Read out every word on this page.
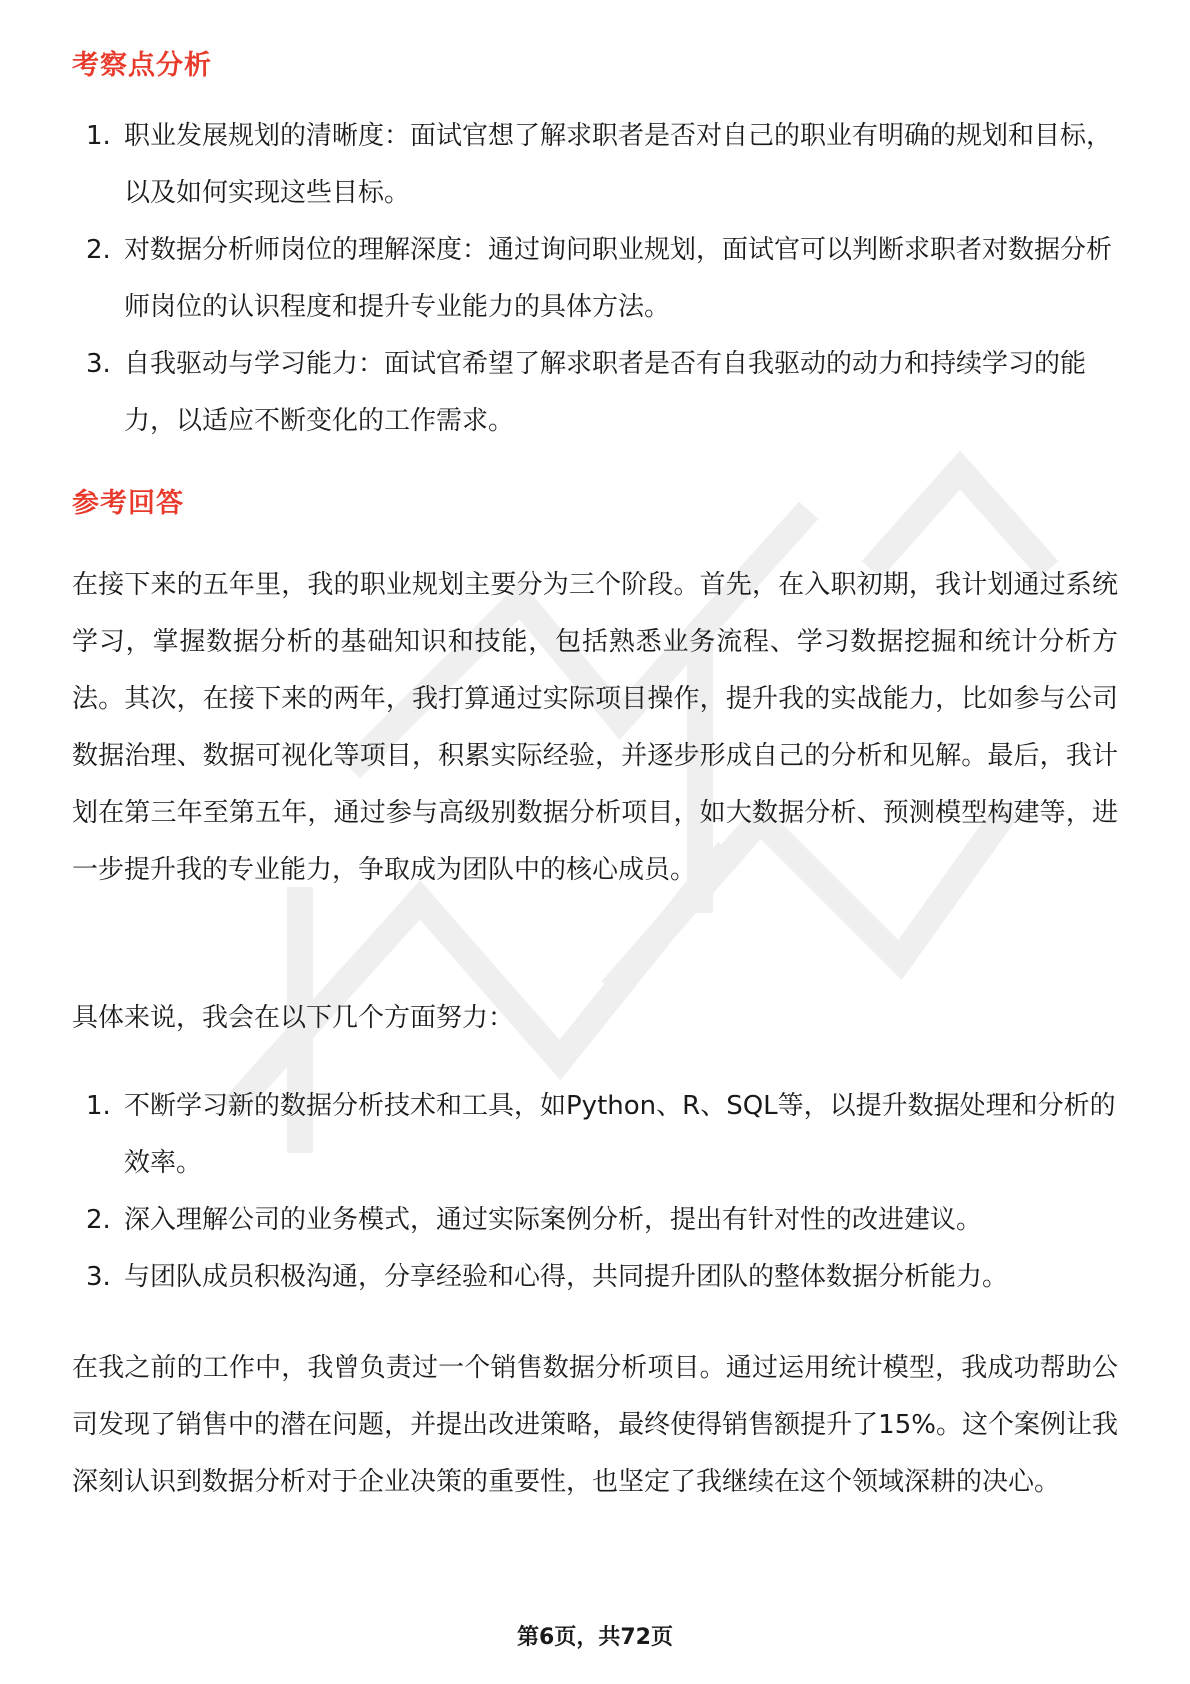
考察点分析
1. 职业发展规划的清晰度：面试官想了解求职者是否对自己的职业有明确的规划和目标，以及如何实现这些目标。
2. 对数据分析师岗位的理解深度：通过询问职业规划，面试官可以判断求职者对数据分析师岗位的认识程度和提升专业能力的具体方法。
3. 自我驱动与学习能力：面试官希望了解求职者是否有自我驱动的动力和持续学习的能力，以适应不断变化的工作需求。
参考回答

在接下来的五年里，我的职业规划主要分为三个阶段。首先，在入职初期，我计划通过系统学习，掌握数据分析的基础知识和技能，包括熟悉业务流程、学习数据挖掘和统计分析方法。其次，在接下来的两年，我打算通过实际项目操作，提升我的实战能力，比如参与公司数据治理、数据可视化等项目，积累实际经验，并逐步形成自己的分析和见解。最后，我计划在第三年至第五年，通过参与高级别数据分析项目，如大数据分析、预测模型构建等，进一步提升我的专业能力，争取成为团队中的核心成员。

具体来说，我会在以下几个方面努力：

1. 不断学习新的数据分析技术和工具，如Python、R、SQL等，以提升数据处理和分析的效率。
2. 深入理解公司的业务模式，通过实际案例分析，提出有针对性的改进建议。
3. 与团队成员积极沟通，分享经验和心得，共同提升团队的整体数据分析能力。

在我之前的工作中，我曾负责过一个销售数据分析项目。通过运用统计模型，我成功帮助公司发现了销售中的潜在问题，并提出改进策略，最终使得销售额提升了15%。这个案例让我深刻认识到数据分析对于企业决策的重要性，也坚定了我继续在这个领域深耕的决心。

第6页，共72页
